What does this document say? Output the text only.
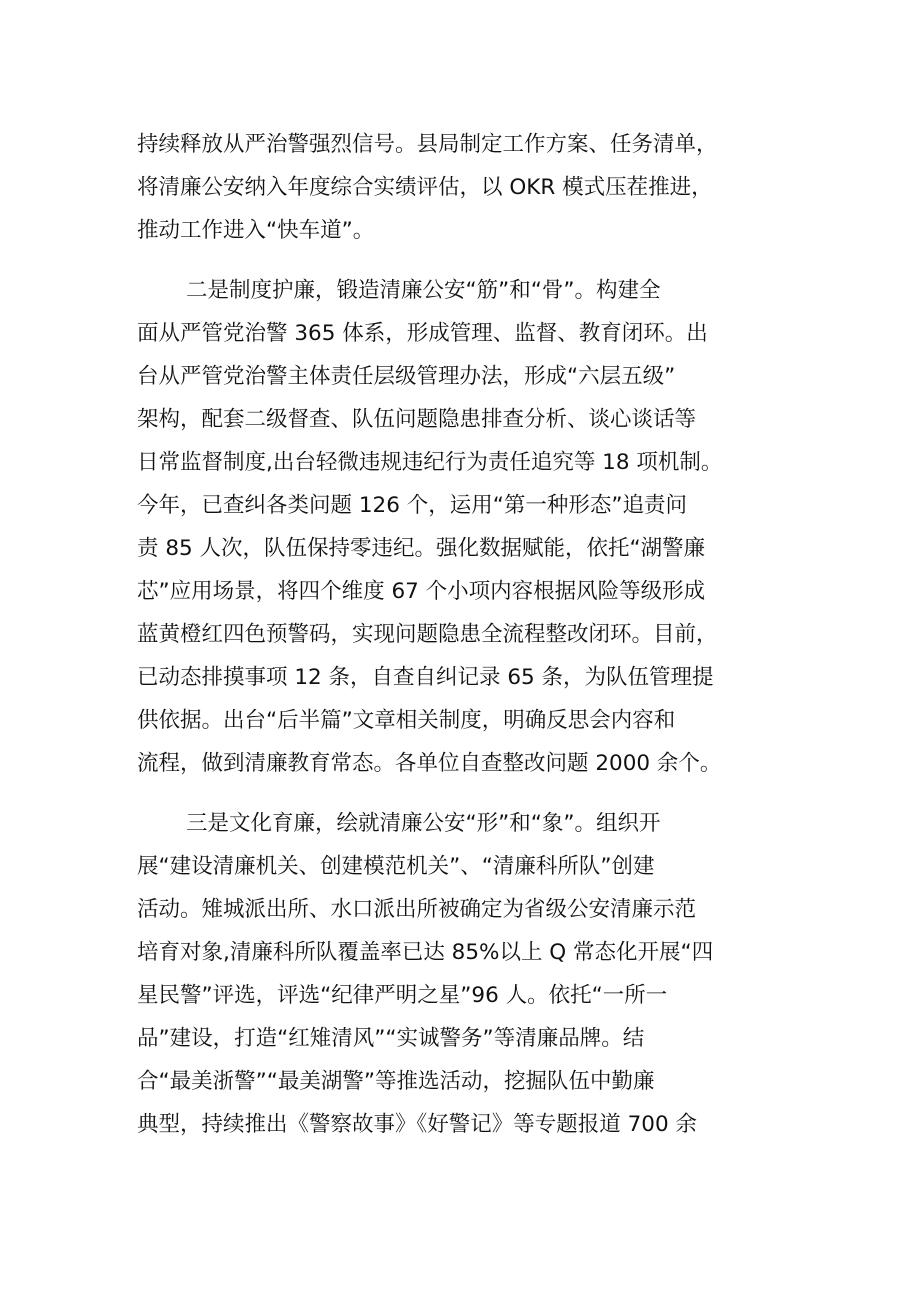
持续释放从严治警强烈信号。县局制定工作方案、任务清单，
将清廉公安纳入年度综合实绩评估，以 OKR 模式压茬推进，
推动工作进入“快车道”。
二是制度护廉，锻造清廉公安“筋”和“骨”。构建全
面从严管党治警 365 体系，形成管理、监督、教育闭环。出
台从严管党治警主体责任层级管理办法，形成“六层五级”
架构，配套二级督查、队伍问题隐患排查分析、谈心谈话等
日常监督制度,出台轻微违规违纪行为责任追究等 18 项机制。
今年，已查纠各类问题 126 个，运用“第一种形态”追责问
责 85 人次，队伍保持零违纪。强化数据赋能，依托“湖警廉
芯”应用场景，将四个维度 67 个小项内容根据风险等级形成
蓝黄橙红四色预警码，实现问题隐患全流程整改闭环。目前，
已动态排摸事项 12 条，自查自纠记录 65 条，为队伍管理提
供依据。出台“后半篇”文章相关制度，明确反思会内容和
流程，做到清廉教育常态。各单位自查整改问题 2000 余个。
三是文化育廉，绘就清廉公安“形”和“象”。组织开
展“建设清廉机关、创建模范机关”、“清廉科所队”创建
活动。雉城派出所、水口派出所被确定为省级公安清廉示范
培育对象,清廉科所队覆盖率已达 85%以上 Q 常态化开展“四
星民警”评选，评选“纪律严明之星”96 人。依托“一所一
品”建设，打造“红雉清风”“实诚警务”等清廉品牌。结
合“最美浙警”“最美湖警”等推选活动，挖掘队伍中勤廉
典型，持续推出《警察故事》《好警记》等专题报道 700 余
